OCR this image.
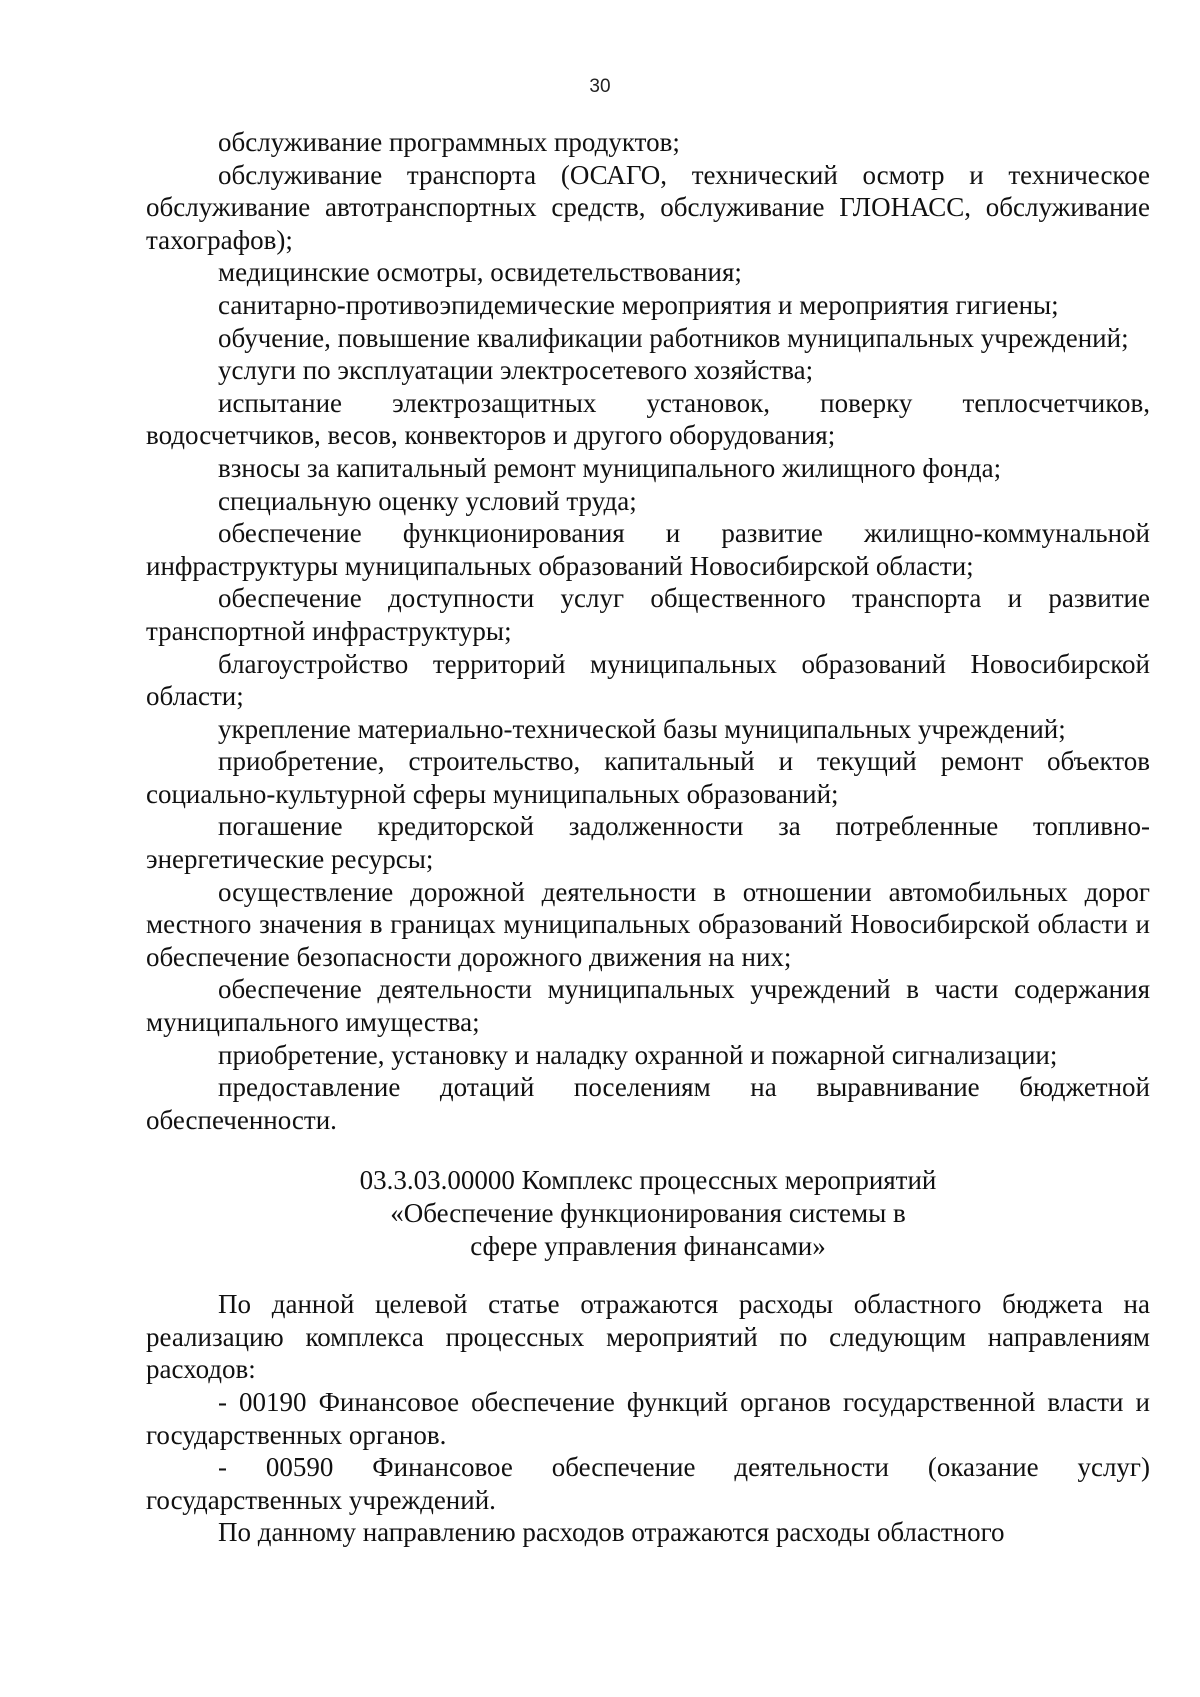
30

обслуживание программных продуктов;

обслуживание транспорта (ОСАГО, технический осмотр и техническое обслуживание автотранспортных средств, обслуживание ГЛОНАСС, обслуживание тахографов);

медицинские осмотры, освидетельствования;

санитарно-противоэпидемические мероприятия и мероприятия гигиены;

обучение, повышение квалификации работников муниципальных учреждений;

услуги по эксплуатации электросетевого хозяйства;

испытание электрозащитных установок, поверку теплосчетчиков, водосчетчиков, весов, конвекторов и другого оборудования;

взносы за капитальный ремонт муниципального жилищного фонда;

специальную оценку условий труда;

обеспечение функционирования и развитие жилищно-коммунальной инфраструктуры муниципальных образований Новосибирской области;

обеспечение доступности услуг общественного транспорта и развитие транспортной инфраструктуры;

благоустройство территорий муниципальных образований Новосибирской области;

укрепление материально-технической базы муниципальных учреждений;

приобретение, строительство, капитальный и текущий ремонт объектов социально-культурной сферы муниципальных образований;

погашение кредиторской задолженности за потребленные топливно-энергетические ресурсы;

осуществление дорожной деятельности в отношении автомобильных дорог местного значения в границах муниципальных образований Новосибирской области и обеспечение безопасности дорожного движения на них;

обеспечение деятельности муниципальных учреждений в части содержания муниципального имущества;

приобретение, установку и наладку охранной и пожарной сигнализации;

предоставление дотаций поселениям на выравнивание бюджетной обеспеченности.

03.3.03.00000 Комплекс процессных мероприятий
«Обеспечение функционирования системы в
сфере управления финансами»

По данной целевой статье отражаются расходы областного бюджета на реализацию комплекса процессных мероприятий по следующим направлениям расходов:

- 00190 Финансовое обеспечение функций органов государственной власти и государственных органов.

- 00590 Финансовое обеспечение деятельности (оказание услуг) государственных учреждений.

По данному направлению расходов отражаются расходы областного
